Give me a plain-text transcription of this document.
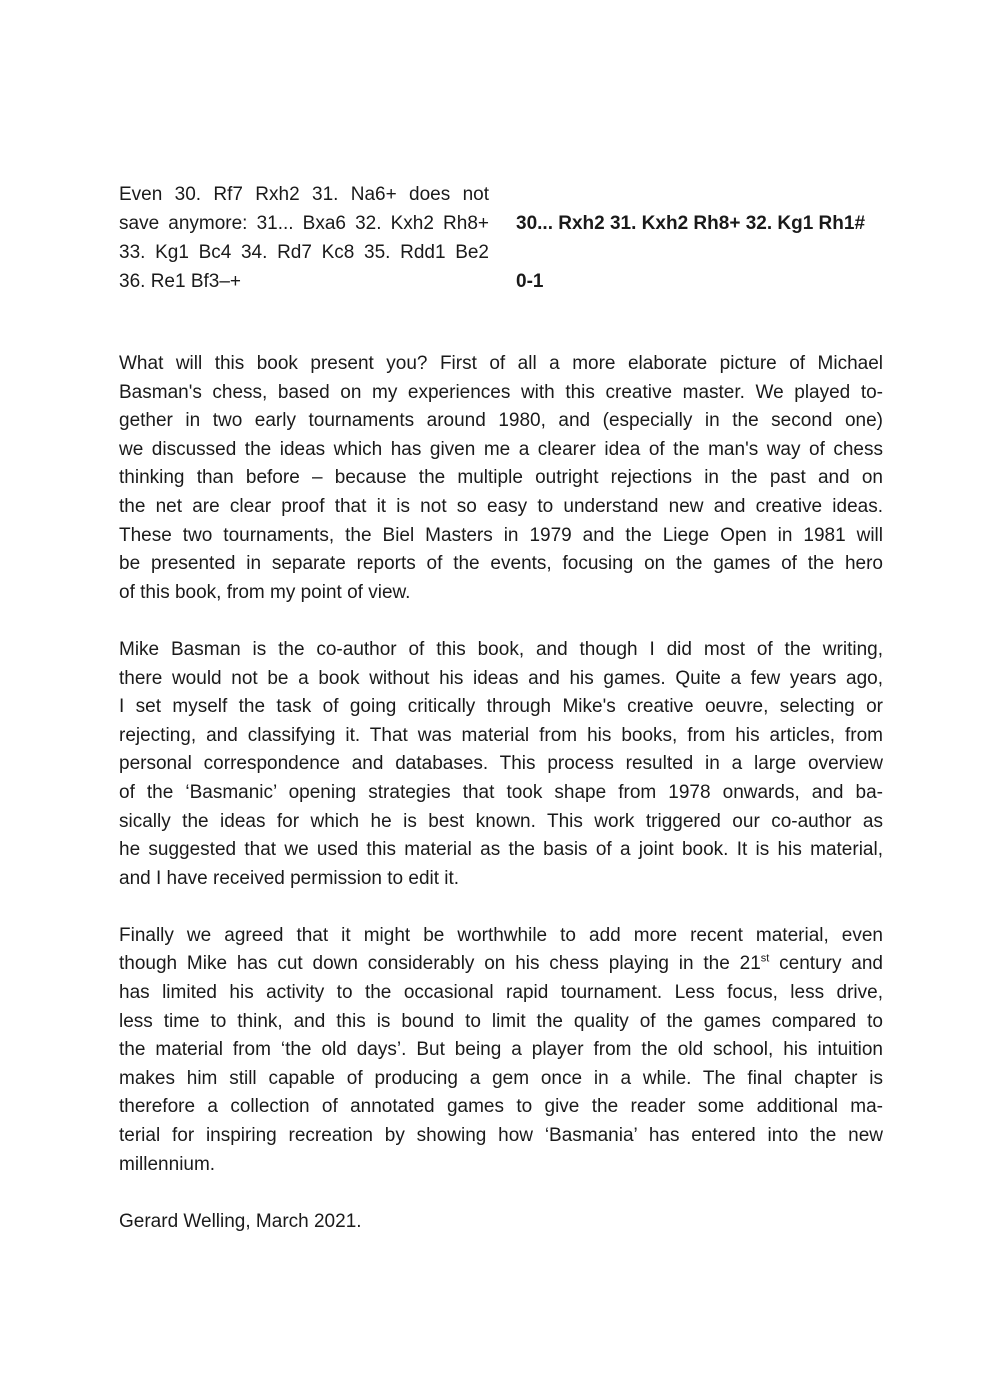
Even 30. Rf7 Rxh2 31. Na6+ does not
save anymore: 31... Bxa6 32. Kxh2 Rh8+
33. Kg1 Bc4 34. Rd7 Kc8 35. Rdd1 Be2
36. Re1 Bf3–+
30... Rxh2 31. Kxh2 Rh8+ 32. Kg1 Rh1#
0-1

What will this book present you? First of all a more elaborate picture of Michael
Basman's chess, based on my experiences with this creative master. We played to-
gether in two early tournaments around 1980, and (especially in the second one)
we discussed the ideas which has given me a clearer idea of the man's way of chess
thinking than before – because the multiple outright rejections in the past and on
the net are clear proof that it is not so easy to understand new and creative ideas.
These two tournaments, the Biel Masters in 1979 and the Liege Open in 1981 will
be presented in separate reports of the events, focusing on the games of the hero
of this book, from my point of view.

Mike Basman is the co-author of this book, and though I did most of the writing,
there would not be a book without his ideas and his games. Quite a few years ago,
I set myself the task of going critically through Mike's creative oeuvre, selecting or
rejecting, and classifying it. That was material from his books, from his articles, from
personal correspondence and databases. This process resulted in a large overview
of the ‘Basmanic’ opening strategies that took shape from 1978 onwards, and ba-
sically the ideas for which he is best known. This work triggered our co-author as
he suggested that we used this material as the basis of a joint book. It is his material,
and I have received permission to edit it.

Finally we agreed that it might be worthwhile to add more recent material, even
though Mike has cut down considerably on his chess playing in the 21st century and
has limited his activity to the occasional rapid tournament. Less focus, less drive,
less time to think, and this is bound to limit the quality of the games compared to
the material from ‘the old days’. But being a player from the old school, his intuition
makes him still capable of producing a gem once in a while. The final chapter is
therefore a collection of annotated games to give the reader some additional ma-
terial for inspiring recreation by showing how ‘Basmania’ has entered into the new
millennium.

Gerard Welling, March 2021.
